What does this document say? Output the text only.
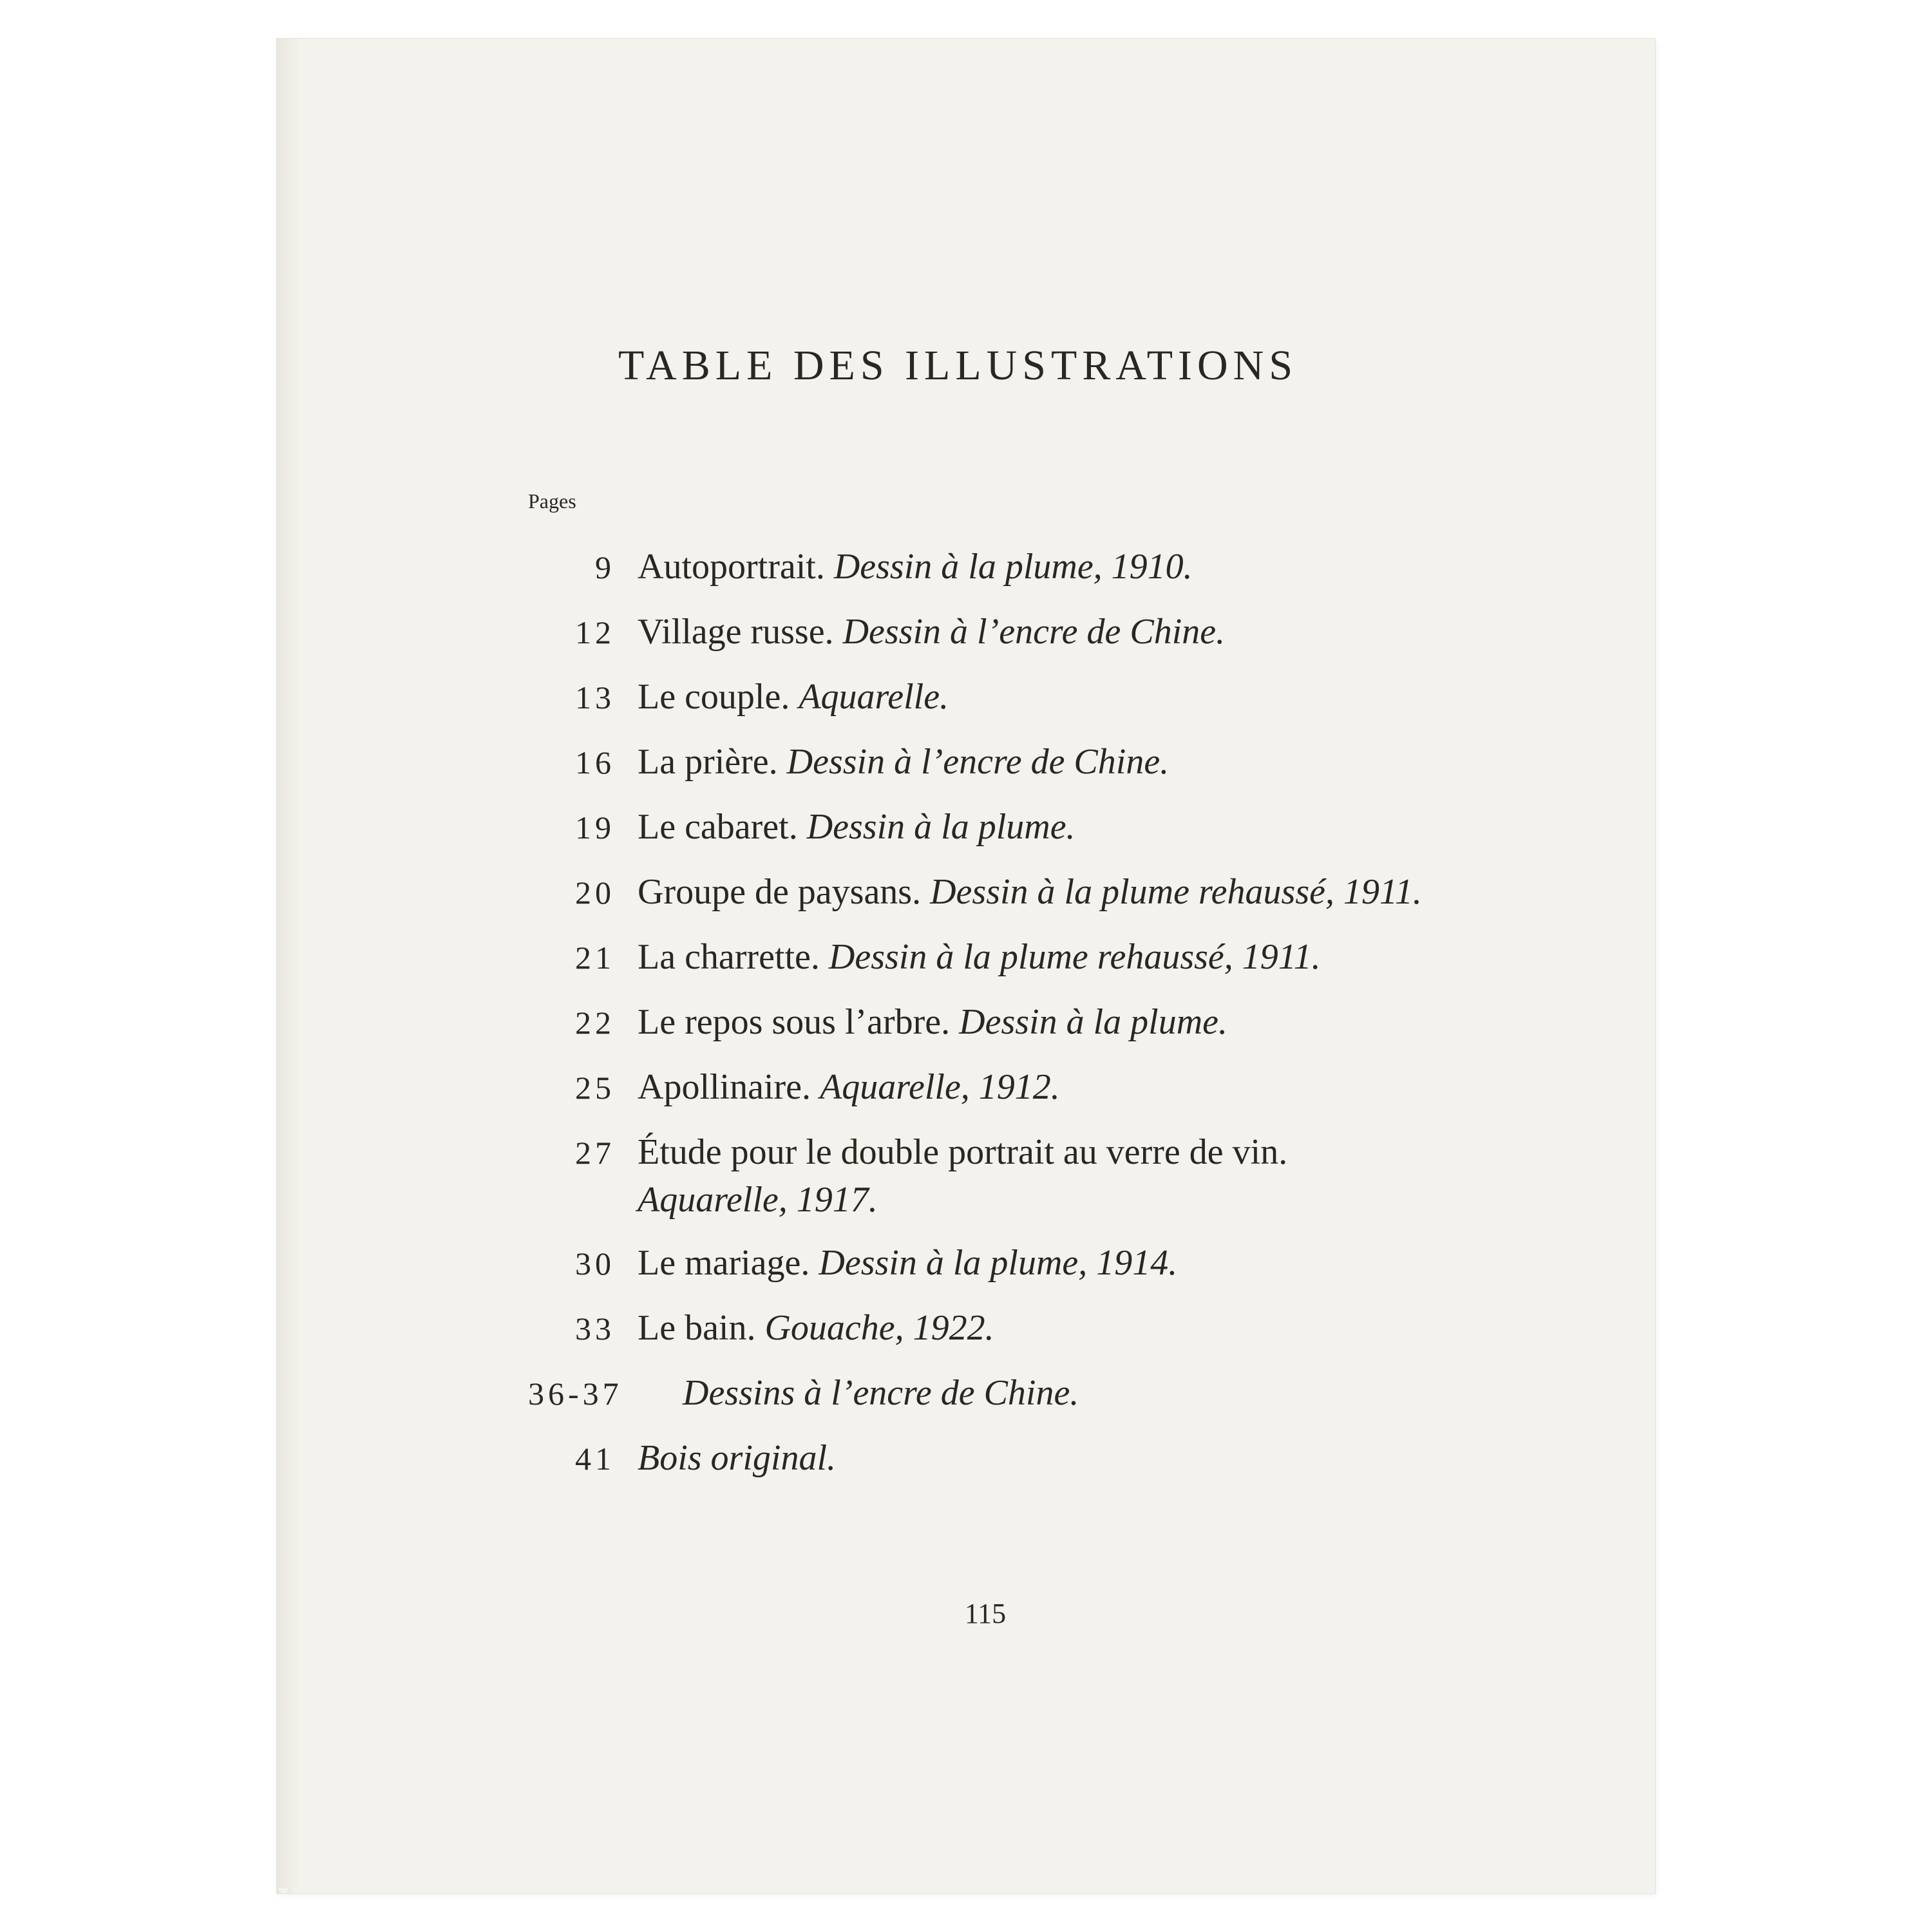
TABLE DES ILLUSTRATIONS
Pages
9 Autoportrait. Dessin à la plume, 1910.
12 Village russe. Dessin à l’encre de Chine.
13 Le couple. Aquarelle.
16 La prière. Dessin à l’encre de Chine.
19 Le cabaret. Dessin à la plume.
20 Groupe de paysans. Dessin à la plume rehaussé, 1911.
21 La charrette. Dessin à la plume rehaussé, 1911.
22 Le repos sous l’arbre. Dessin à la plume.
25 Apollinaire. Aquarelle, 1912.
27 Étude pour le double portrait au verre de vin.
Aquarelle, 1917.
30 Le mariage. Dessin à la plume, 1914.
33 Le bain. Gouache, 1922.
36-37	Dessins à l’encre de Chine.
41 Bois original.
115
